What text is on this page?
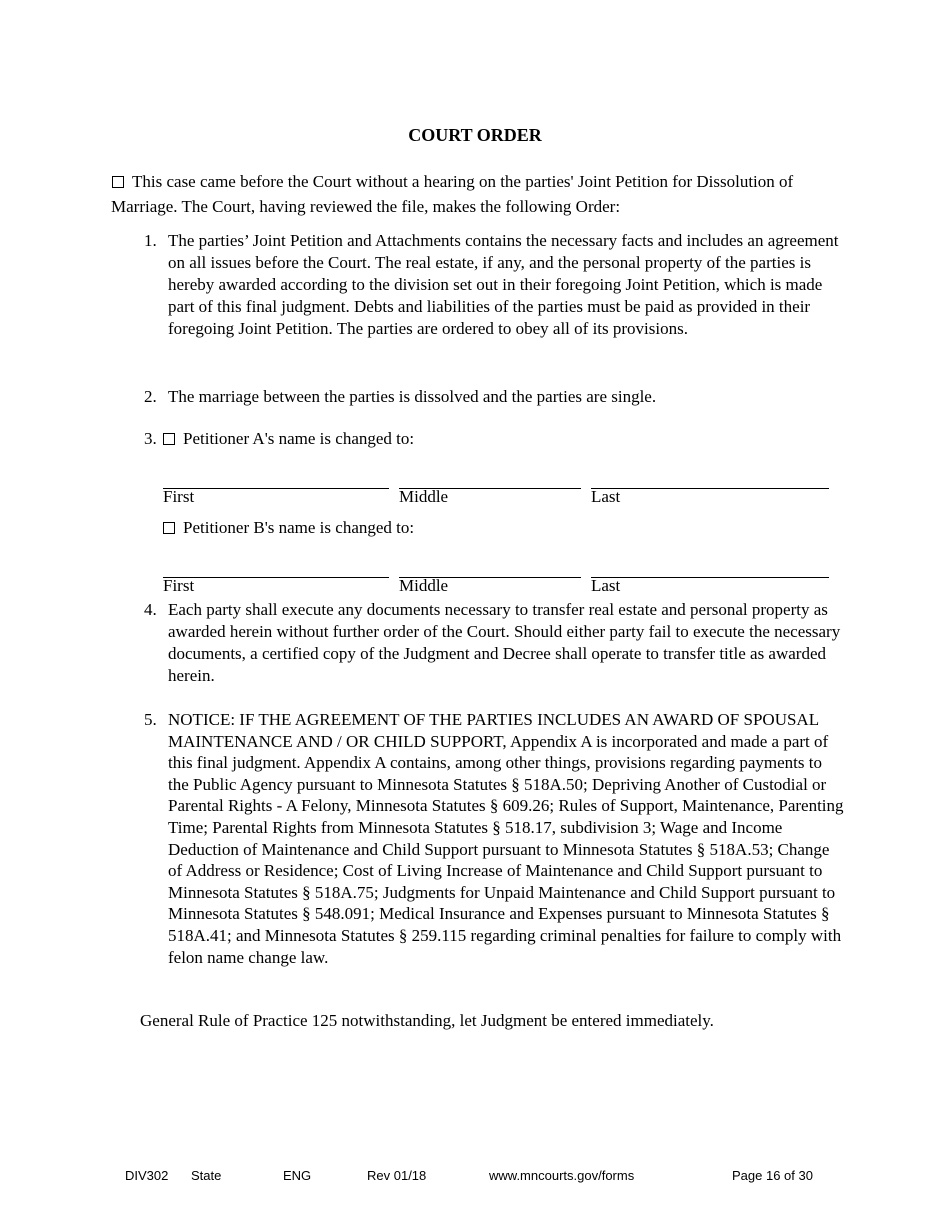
COURT ORDER
This case came before the Court without a hearing on the parties' Joint Petition for Dissolution of Marriage. The Court, having reviewed the file, makes the following Order:
1. The parties’ Joint Petition and Attachments contains the necessary facts and includes an agreement on all issues before the Court. The real estate, if any, and the personal property of the parties is hereby awarded according to the division set out in their foregoing Joint Petition, which is made part of this final judgment. Debts and liabilities of the parties must be paid as provided in their foregoing Joint Petition. The parties are ordered to obey all of its provisions.
2. The marriage between the parties is dissolved and the parties are single.
3.	Petitioner A's name is changed to:
First	Middle	Last
Petitioner B's name is changed to:
First	Middle	Last
4. Each party shall execute any documents necessary to transfer real estate and personal property as awarded herein without further order of the Court. Should either party fail to execute the necessary documents, a certified copy of the Judgment and Decree shall operate to transfer title as awarded herein.
5. NOTICE: IF THE AGREEMENT OF THE PARTIES INCLUDES AN AWARD OF SPOUSAL MAINTENANCE AND / OR CHILD SUPPORT, Appendix A is incorporated and made a part of this final judgment. Appendix A contains, among other things, provisions regarding payments to the Public Agency pursuant to Minnesota Statutes § 518A.50; Depriving Another of Custodial or Parental Rights - A Felony, Minnesota Statutes § 609.26; Rules of Support, Maintenance, Parenting Time; Parental Rights from Minnesota Statutes § 518.17, subdivision 3; Wage and Income Deduction of Maintenance and Child Support pursuant to Minnesota Statutes § 518A.53; Change of Address or Residence; Cost of Living Increase of Maintenance and Child Support pursuant to Minnesota Statutes § 518A.75; Judgments for Unpaid Maintenance and Child Support pursuant to Minnesota Statutes § 548.091; Medical Insurance and Expenses pursuant to Minnesota Statutes § 518A.41; and Minnesota Statutes § 259.115 regarding criminal penalties for failure to comply with felon name change law.
General Rule of Practice 125 notwithstanding, let Judgment be entered immediately.
DIV302 State	ENG	Rev 01/18	www.mncourts.gov/forms	Page 16 of 30
